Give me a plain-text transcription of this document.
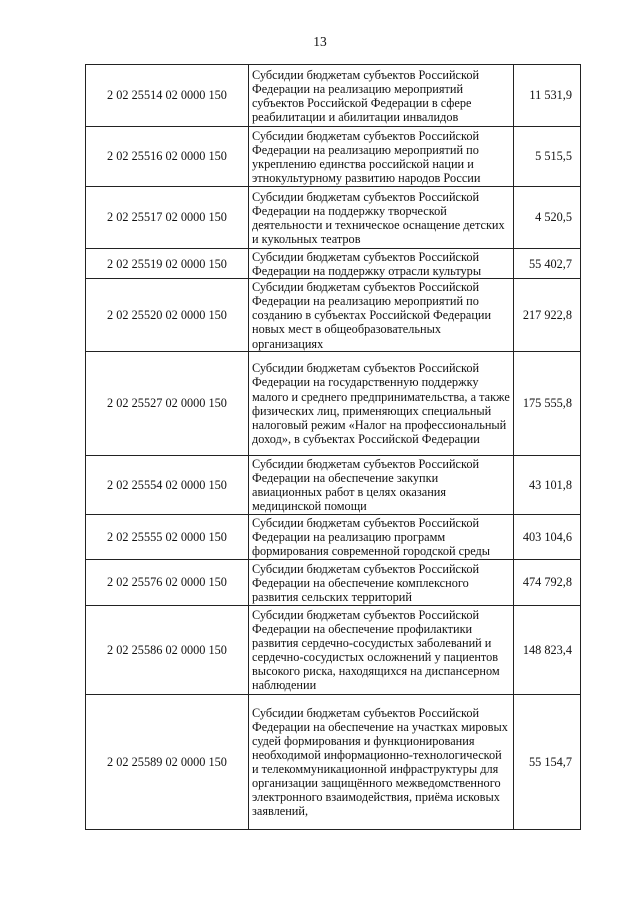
13
2 02 25514 02 0000 150	Субсидии бюджетам субъектов Российской Федерации на реализацию мероприятий субъектов Российской Федерации в сфере реабилитации и абилитации инвалидов	11 531,9
2 02 25516 02 0000 150	Субсидии бюджетам субъектов Российской Федерации на реализацию мероприятий по укреплению единства российской нации и этнокультурному развитию народов России	5 515,5
2 02 25517 02 0000 150	Субсидии бюджетам субъектов Российской Федерации на поддержку творческой деятельности и техническое оснащение детских и кукольных театров	4 520,5
2 02 25519 02 0000 150	Субсидии бюджетам субъектов Российской Федерации на поддержку отрасли культуры	55 402,7
2 02 25520 02 0000 150	Субсидии бюджетам субъектов Российской Федерации на реализацию мероприятий по созданию в субъектах Российской Федерации новых мест в общеобразовательных организациях	217 922,8
2 02 25527 02 0000 150	Субсидии бюджетам субъектов Российской Федерации на государственную поддержку малого и среднего предпринимательства, а также физических лиц, применяющих специальный налоговый режим «Налог на профессиональный доход», в субъектах Российской Федерации	175 555,8
2 02 25554 02 0000 150	Субсидии бюджетам субъектов Российской Федерации на обеспечение закупки авиационных работ в целях оказания медицинской помощи	43 101,8
2 02 25555 02 0000 150	Субсидии бюджетам субъектов Российской Федерации на реализацию программ формирования современной городской среды	403 104,6
2 02 25576 02 0000 150	Субсидии бюджетам субъектов Российской Федерации на обеспечение комплексного развития сельских территорий	474 792,8
2 02 25586 02 0000 150	Субсидии бюджетам субъектов Российской Федерации на обеспечение профилактики развития сердечно-сосудистых заболеваний и сердечно-сосудистых осложнений у пациентов высокого риска, находящихся на диспансерном наблюдении	148 823,4
2 02 25589 02 0000 150	Субсидии бюджетам субъектов Российской Федерации на обеспечение на участках мировых судей формирования и функционирования необходимой информационно-технологической и телекоммуникационной инфраструктуры для организации защищённого межведомственного электронного взаимодействия, приёма исковых заявлений,	55 154,7
